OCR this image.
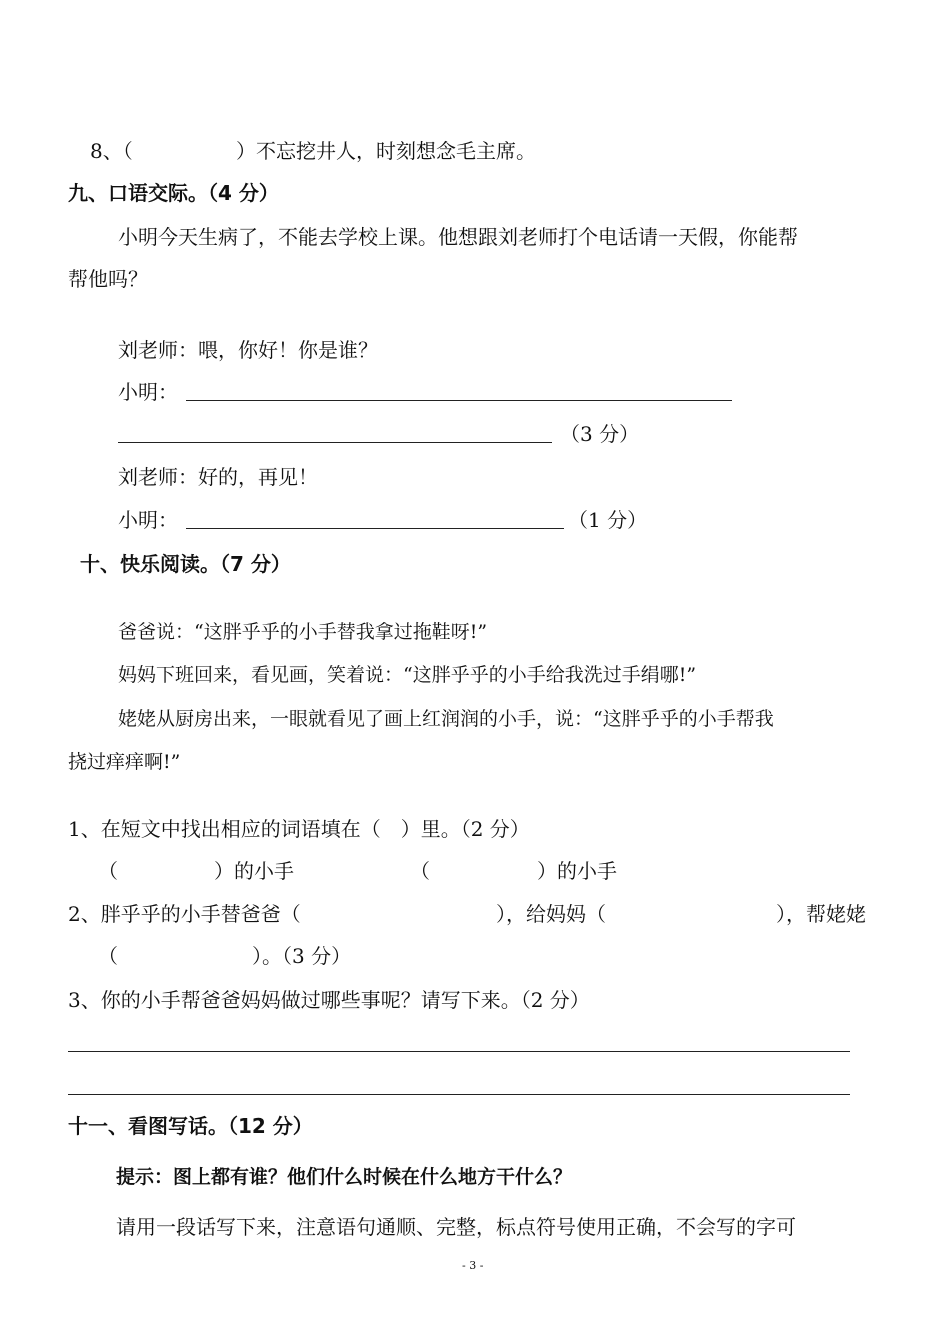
8、（	）不忘挖井人，时刻想念毛主席。
九、口语交际。（4 分）
小明今天生病了，不能去学校上课。他想跟刘老师打个电话请一天假，你能帮
帮他吗？
刘老师：喂，你好！你是谁？
小明：
（3 分）
刘老师：好的，再见！
小明：	（1 分）
十、快乐阅读。（7 分）
爸爸说：“这胖乎乎的小手替我拿过拖鞋呀!”
妈妈下班回来，看见画，笑着说：“这胖乎乎的小手给我洗过手绢哪!”
姥姥从厨房出来，一眼就看见了画上红润润的小手，说：“这胖乎乎的小手帮我
挠过痒痒啊!”
1、在短文中找出相应的词语填在（　）里。（2 分）
（	）的小手	（	）的小手
2、胖乎乎的小手替爸爸（	），给妈妈（	），帮姥姥
（	）。（3 分）
3、你的小手帮爸爸妈妈做过哪些事呢？请写下来。（2 分）
十一、看图写话。（12 分）
提示：图上都有谁？他们什么时候在什么地方干什么？
请用一段话写下来，注意语句通顺、完整，标点符号使用正确，不会写的字可
- 3 -
